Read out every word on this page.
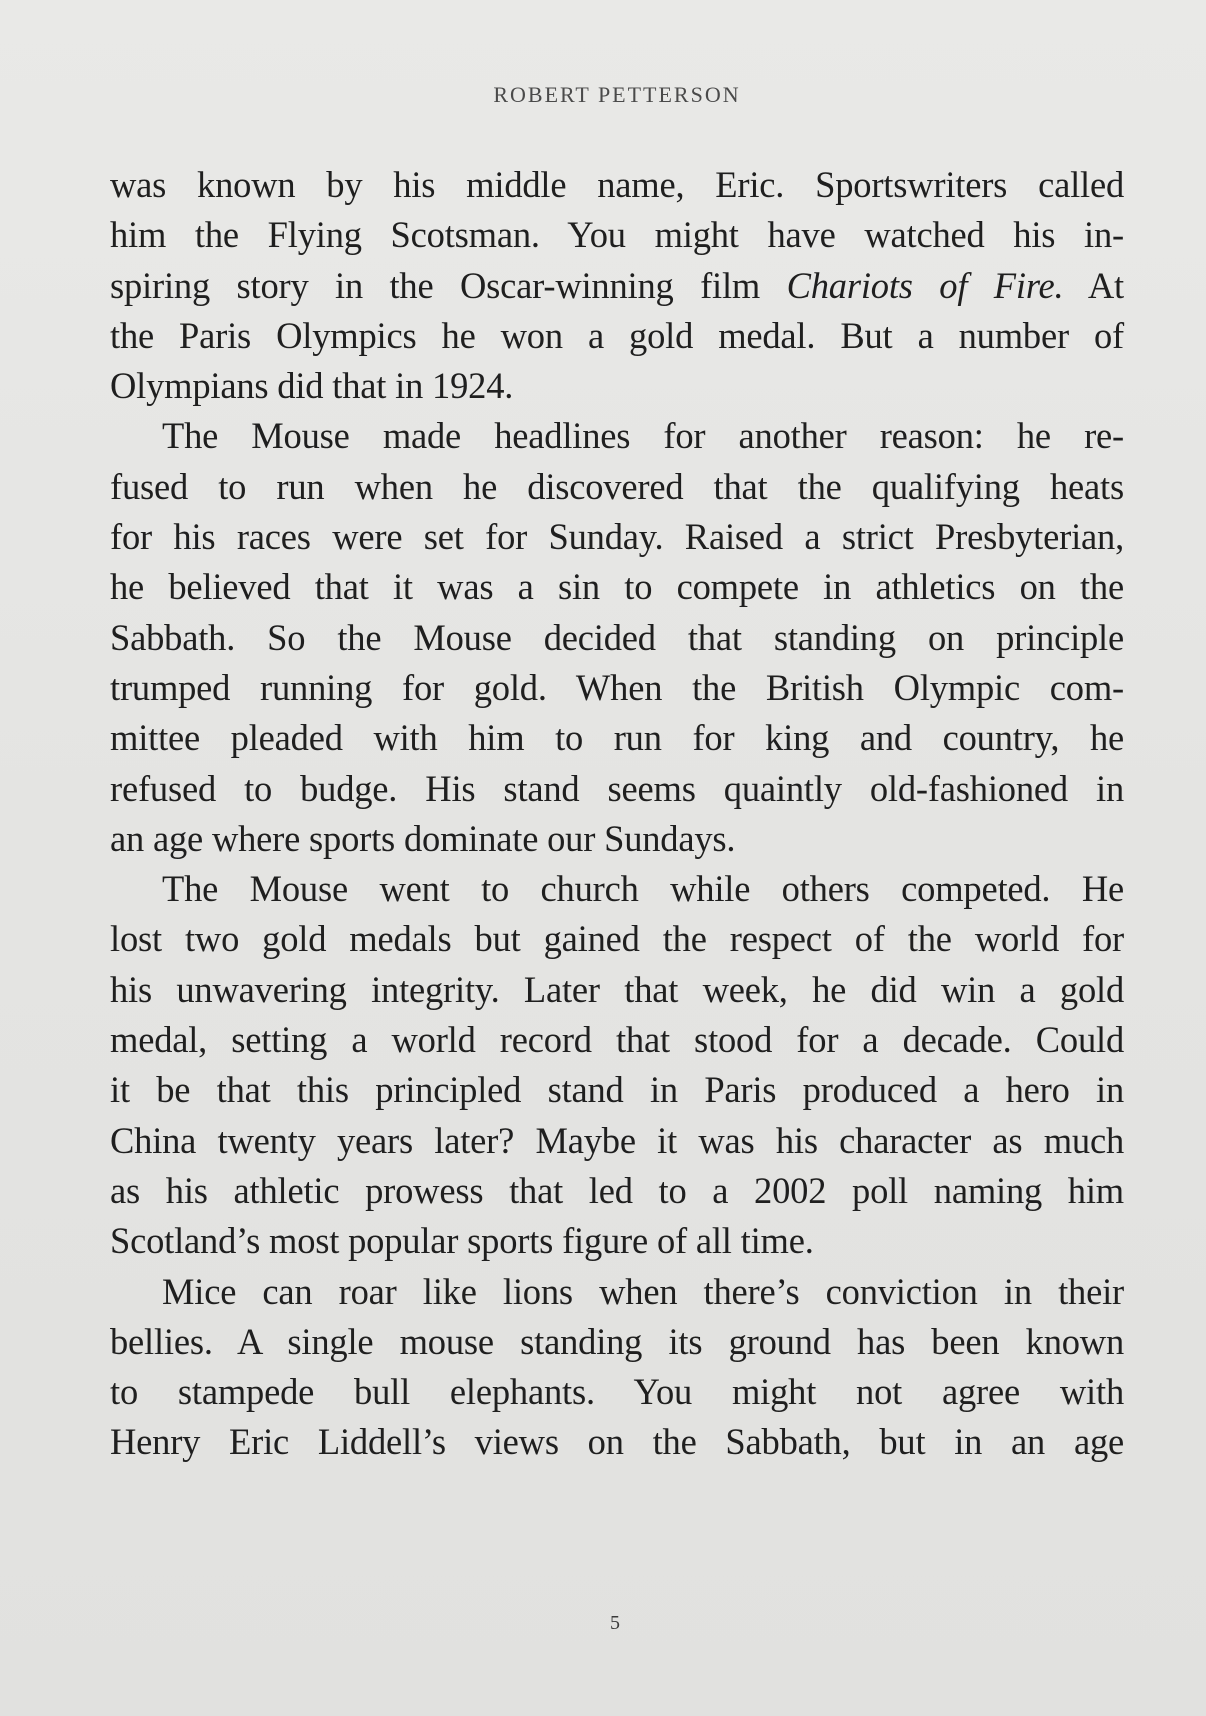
ROBERT PETTERSON
was known by his middle name, Eric. Sportswriters called
him the Flying Scotsman. You might have watched his in-
spiring story in the Oscar-winning film Chariots of Fire. At
the Paris Olympics he won a gold medal. But a number of
Olympians did that in 1924.
The Mouse made headlines for another reason: he re-
fused to run when he discovered that the qualifying heats
for his races were set for Sunday. Raised a strict Presbyterian,
he believed that it was a sin to compete in athletics on the
Sabbath. So the Mouse decided that standing on principle
trumped running for gold. When the British Olympic com-
mittee pleaded with him to run for king and country, he
refused to budge. His stand seems quaintly old-fashioned in
an age where sports dominate our Sundays.
The Mouse went to church while others competed. He
lost two gold medals but gained the respect of the world for
his unwavering integrity. Later that week, he did win a gold
medal, setting a world record that stood for a decade. Could
it be that this principled stand in Paris produced a hero in
China twenty years later? Maybe it was his character as much
as his athletic prowess that led to a 2002 poll naming him
Scotland’s most popular sports figure of all time.
Mice can roar like lions when there’s conviction in their
bellies. A single mouse standing its ground has been known
to stampede bull elephants. You might not agree with
Henry Eric Liddell’s views on the Sabbath, but in an age
5
